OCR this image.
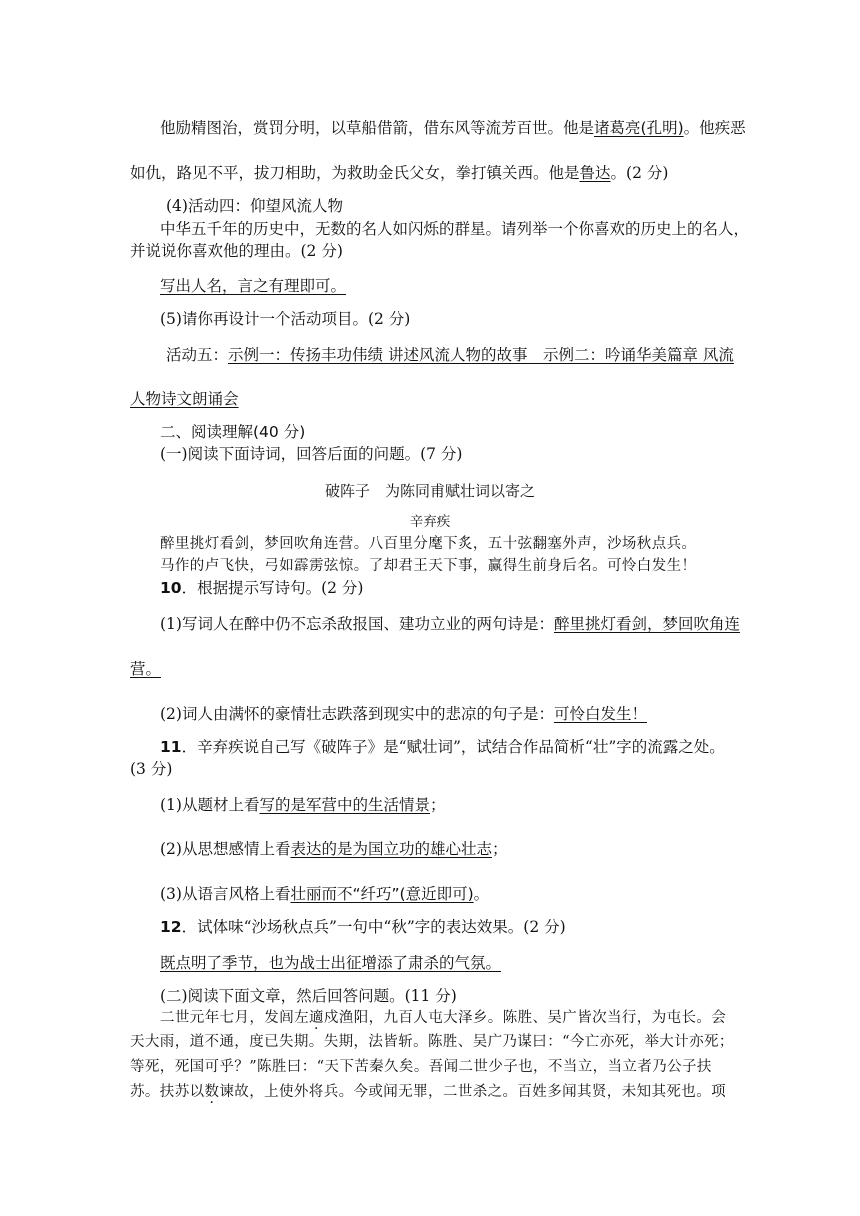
他励精图治，赏罚分明，以草船借箭，借东风等流芳百世。他是诸葛亮(孔明)。他疾恶
如仇，路见不平，拔刀相助，为救助金氏父女，拳打镇关西。他是鲁达。(2 分)
(4)活动四：仰望风流人物
中华五千年的历史中，无数的名人如闪烁的群星。请列举一个你喜欢的历史上的名人，
并说说你喜欢他的理由。(2 分)
写出人名，言之有理即可。
(5)请你再设计一个活动项目。(2 分)
活动五：示例一：传扬丰功伟绩 讲述风流人物的故事　示例二：吟诵华美篇章 风流
人物诗文朗诵会
二、阅读理解(40 分)
(一)阅读下面诗词，回答后面的问题。(7 分)
破阵子　为陈同甫赋壮词以寄之
辛弃疾
醉里挑灯看剑，梦回吹角连营。八百里分麾下炙，五十弦翻塞外声，沙场秋点兵。
马作的卢飞快，弓如霹雳弦惊。了却君王天下事，赢得生前身后名。可怜白发生！
10．根据提示写诗句。(2 分)
(1)写词人在醉中仍不忘杀敌报国、建功立业的两句诗是：醉里挑灯看剑，梦回吹角连
营。
(2)词人由满怀的豪情壮志跌落到现实中的悲凉的句子是：可怜白发生！
11．辛弃疾说自己写《破阵子》是“赋壮词”，试结合作品简析“壮”字的流露之处。
(3 分)
(1)从题材上看写的是军营中的生活情景；
(2)从思想感情上看表达的是为国立功的雄心壮志；
(3)从语言风格上看壮丽而不“纤巧”(意近即可)。
12．试体味“沙场秋点兵”一句中“秋”字的表达效果。(2 分)
既点明了季节，也为战士出征增添了肃杀的气氛。
(二)阅读下面文章，然后回答问题。(11 分)
二世元年七月，发闾左適戍渔阳，九百人屯大泽乡。陈胜、吴广皆次当行，为屯长。会
天大雨，道不通，度已失期。失期，法皆斩。陈胜、吴广乃谋曰：“今亡亦死，举大计亦死；
等死，死国可乎？”陈胜曰：“天下苦秦久矣。吾闻二世少子也，不当立，当立者乃公子扶
苏。扶苏以数谏故，上使外将兵。今或闻无罪，二世杀之。百姓多闻其贤，未知其死也。项
